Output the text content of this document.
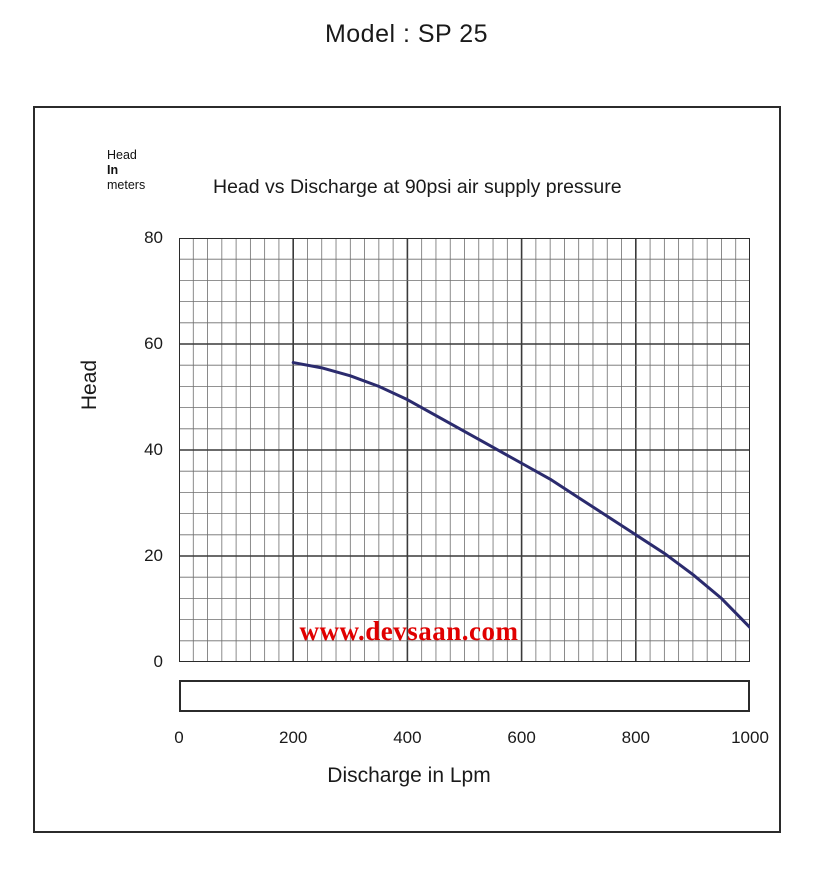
Model : SP 25
Head
In
meters	Head vs Discharge at 90psi air supply pressure
Head
0
20
40
60
80
0	200	400	600	800	1000
Discharge in Lpm
www.devsaan.com
